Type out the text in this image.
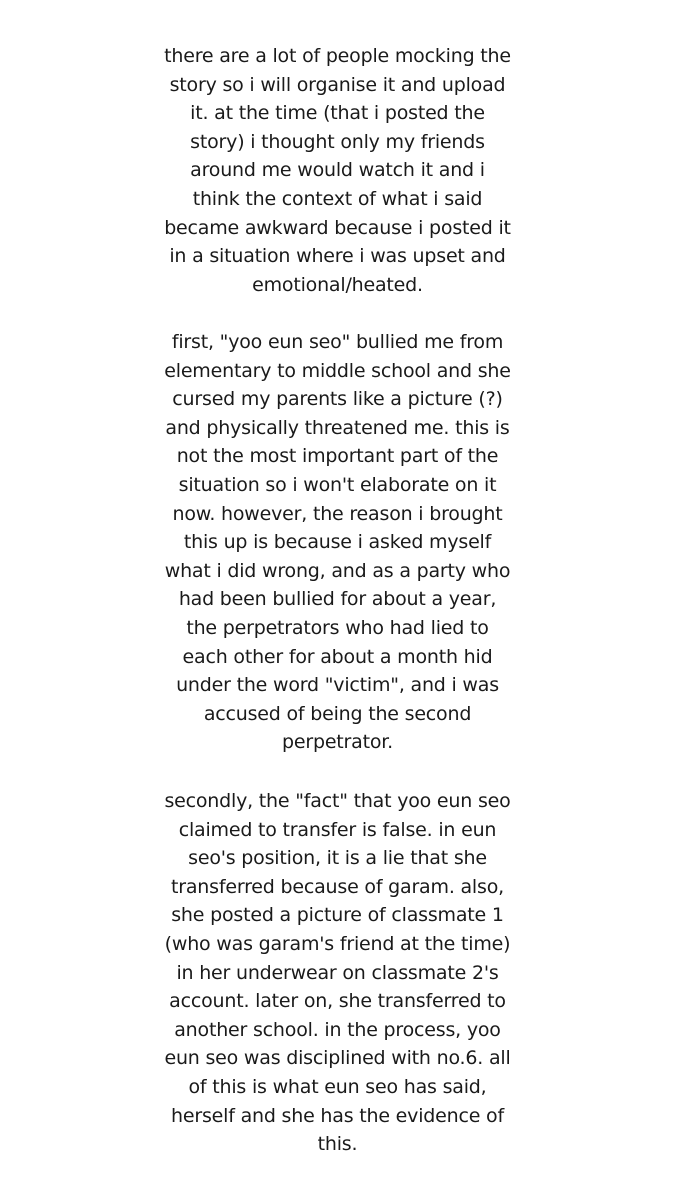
there are a lot of people mocking the
story so i will organise it and upload
it. at the time (that i posted the
story) i thought only my friends
around me would watch it and i
think the context of what i said
became awkward because i posted it
in a situation where i was upset and
emotional/heated.
first, "yoo eun seo" bullied me from
elementary to middle school and she
cursed my parents like a picture (?)
and physically threatened me. this is
not the most important part of the
situation so i won't elaborate on it
now. however, the reason i brought
this up is because i asked myself
what i did wrong, and as a party who
had been bullied for about a year,
the perpetrators who had lied to
each other for about a month hid
under the word "victim", and i was
accused of being the second
perpetrator.
secondly, the "fact" that yoo eun seo
claimed to transfer is false. in eun
seo's position, it is a lie that she
transferred because of garam. also,
she posted a picture of classmate 1
(who was garam's friend at the time)
in her underwear on classmate 2's
account. later on, she transferred to
another school. in the process, yoo
eun seo was disciplined with no.6. all
of this is what eun seo has said,
herself and she has the evidence of
this.
